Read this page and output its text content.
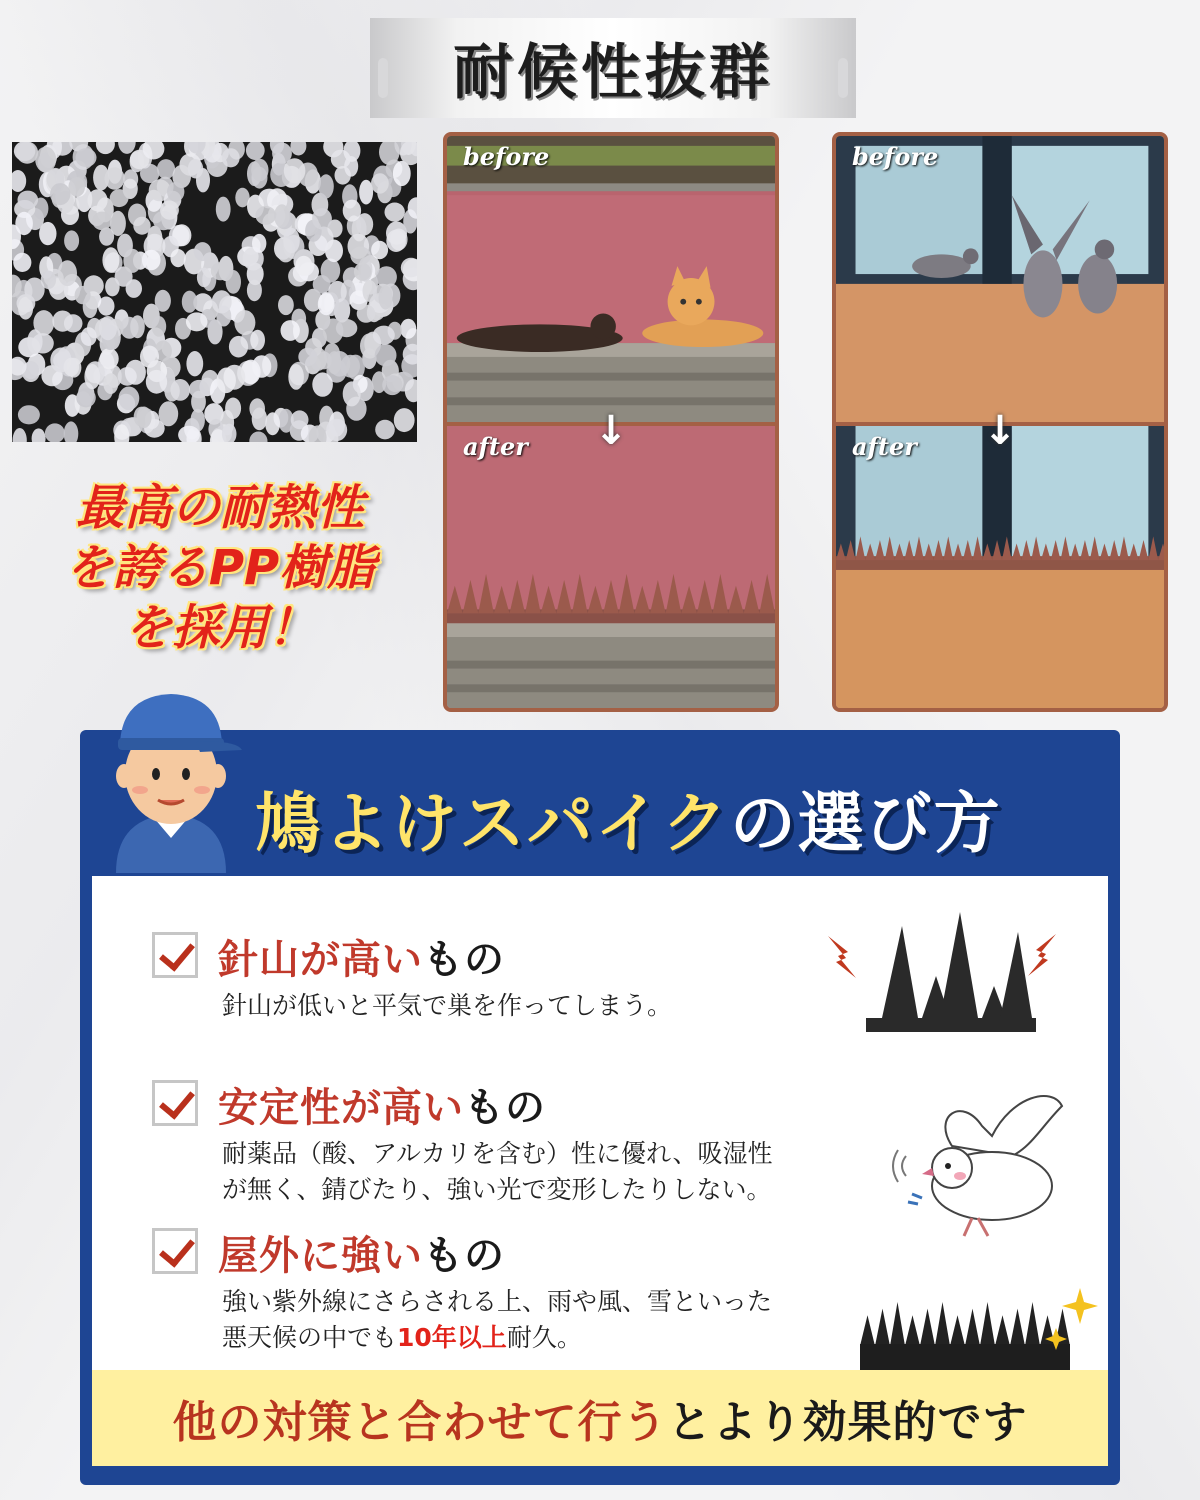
耐候性抜群
最高の耐熱性
を誇るPP樹脂
を採用！
before
↓
after
before
↓
after
鳩よけスパイクの選び方
針山が高いもの
針山が低いと平気で巣を作ってしまう。
安定性が高いもの
耐薬品（酸、アルカリを含む）性に優れ、吸湿性
が無く、錆びたり、強い光で変形したりしない。
屋外に強いもの
強い紫外線にさらされる上、雨や風、雪といった
悪天候の中でも10年以上耐久。
他の対策と合わせて行うとより効果的です
